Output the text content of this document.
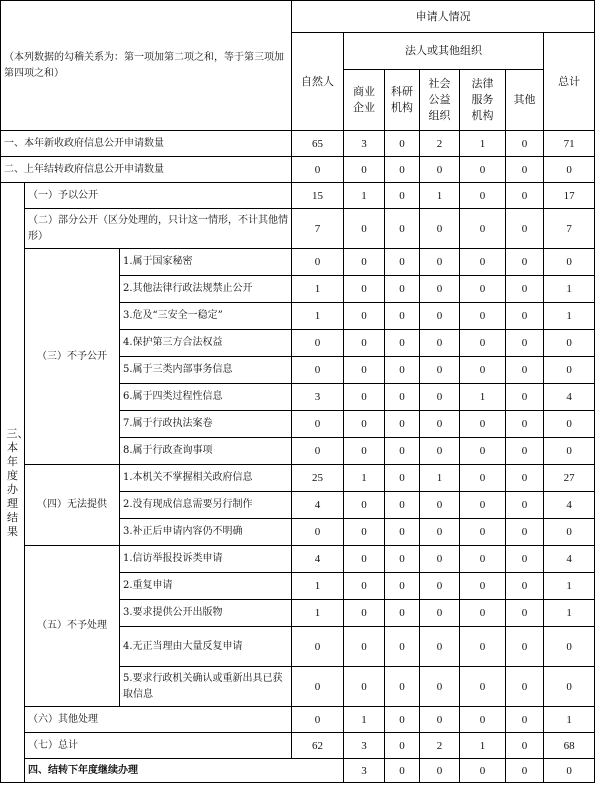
（本列数据的勾稽关系为：第一项加第二项之和，等于第三项加第四项之和）			申请人情况							
			自然人	法人或其他组织					总计	
				商业企业	科研机构	社会公益组织	法律服务机构	其他		
一、本年新收政府信息公开申请数量			65	3	0	2	1	0	71	
二、上年结转政府信息公开申请数量			0	0	0	0	0	0	0	
三、本年度办理结果	（一）予以公开		15	1	0	1	0	0	17	
	（二）部分公开（区分处理的，只计这一情形，不计其他情形）		7	0	0	0	0	0	7	
	（三）不予公开	1.属于国家秘密	0	0	0	0	0	0	0	
		2.其他法律行政法规禁止公开	1	0	0	0	0	0	1	
		3.危及“三安全一稳定”	1	0	0	0	0	0	1	
		4.保护第三方合法权益	0	0	0	0	0	0	0	
		5.属于三类内部事务信息	0	0	0	0	0	0	0	
		6.属于四类过程性信息	3	0	0	0	1	0	4	
		7.属于行政执法案卷	0	0	0	0	0	0	0	
		8.属于行政查询事项	0	0	0	0	0	0	0	
	（四）无法提供	1.本机关不掌握相关政府信息	25	1	0	1	0	0	27	
		2.没有现成信息需要另行制作	4	0	0	0	0	0	4	
		3.补正后申请内容仍不明确	0	0	0	0	0	0	0	
	（五）不予处理	1.信访举报投诉类申请	4	0	0	0	0	0	4	
		2.重复申请	1	0	0	0	0	0	1	
		3.要求提供公开出版物	1	0	0	0	0	0	1	
		4.无正当理由大量反复申请	0	0	0	0	0	0	0	
		5.要求行政机关确认或重新出具已获取信息	0	0	0	0	0	0	0	
	（六）其他处理		0	1	0	0	0	0	1	
	（七）总计		62	3	0	2	1	0	68	
	四、结转下年度继续办理			3	0	0	0	0	0	
